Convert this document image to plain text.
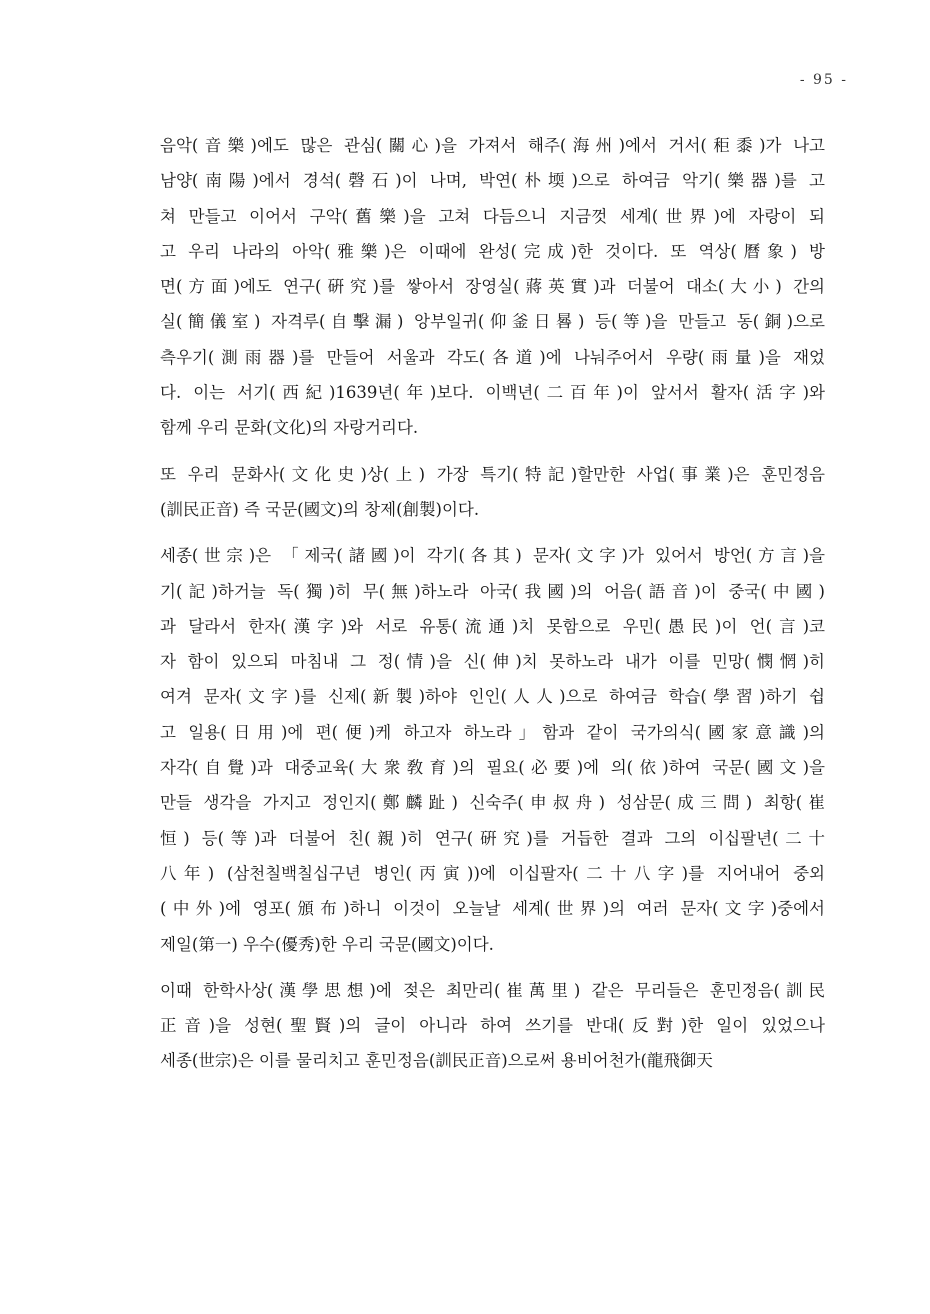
- 95 -
음악(音樂)에도 많은 관심(關心)을 가져서 해주(海州)에서 거서(秬黍)가 나고
남양(南陽)에서 경석(磬石)이 나며, 박연(朴堧)으로 하여금 악기(樂器)를 고
쳐 만들고 이어서 구악(舊樂)을 고쳐 다듬으니 지금껏 세계(世界)에 자랑이 되
고 우리 나라의 아악(雅樂)은 이때에 완성(完成)한 것이다. 또 역상(曆象) 방
면(方面)에도 연구(硏究)를 쌓아서 장영실(蔣英實)과 더불어 대소(大小) 간의
실(簡儀室) 자격루(自擊漏) 앙부일귀(仰釜日晷) 등(等)을 만들고 동(銅)으로
측우기(測雨器)를 만들어 서울과 각도(各道)에 나눠주어서 우량(雨量)을 재었
다. 이는 서기(西紀)1639년(年)보다. 이백년(二百年)이 앞서서 활자(活字)와
함께 우리 문화(文化)의 자랑거리다.
또 우리 문화사(文化史)상(上) 가장 특기(特記)할만한 사업(事業)은 훈민정음
(訓民正音) 즉 국문(國文)의 창제(創製)이다.
세종(世宗)은 「제국(諸國)이 각기(各其) 문자(文字)가 있어서 방언(方言)을
기(記)하거늘 독(獨)히 무(無)하노라 아국(我國)의 어음(語音)이 중국(中國)
과 달라서 한자(漢字)와 서로 유통(流通)치 못함으로 우민(愚民)이 언(言)코
자 함이 있으되 마침내 그 정(情)을 신(伸)치 못하노라 내가 이를 민망(憫惘)히
여겨 문자(文字)를 신제(新製)하야 인인(人人)으로 하여금 학습(學習)하기 쉽
고 일용(日用)에 편(便)케 하고자 하노라」함과 같이 국가의식(國家意識)의
자각(自覺)과 대중교육(大衆敎育)의 필요(必要)에 의(依)하여 국문(國文)을
만들 생각을 가지고 정인지(鄭麟趾) 신숙주(申叔舟) 성삼문(成三問) 최항(崔
恒) 등(等)과 더불어 친(親)히 연구(硏究)를 거듭한 결과 그의 이십팔년(二十
八年) (삼천칠백칠십구년 병인(丙寅))에 이십팔자(二十八字)를 지어내어 중외
(中外)에 영포(頒布)하니 이것이 오늘날 세계(世界)의 여러 문자(文字)중에서
제일(第一) 우수(優秀)한 우리 국문(國文)이다.
이때 한학사상(漢學思想)에 젖은 최만리(崔萬里) 같은 무리들은 훈민정음(訓民
正音)을 성현(聖賢)의 글이 아니라 하여 쓰기를 반대(反對)한 일이 있었으나
세종(世宗)은 이를 물리치고 훈민정음(訓民正音)으로써 용비어천가(龍飛御天
